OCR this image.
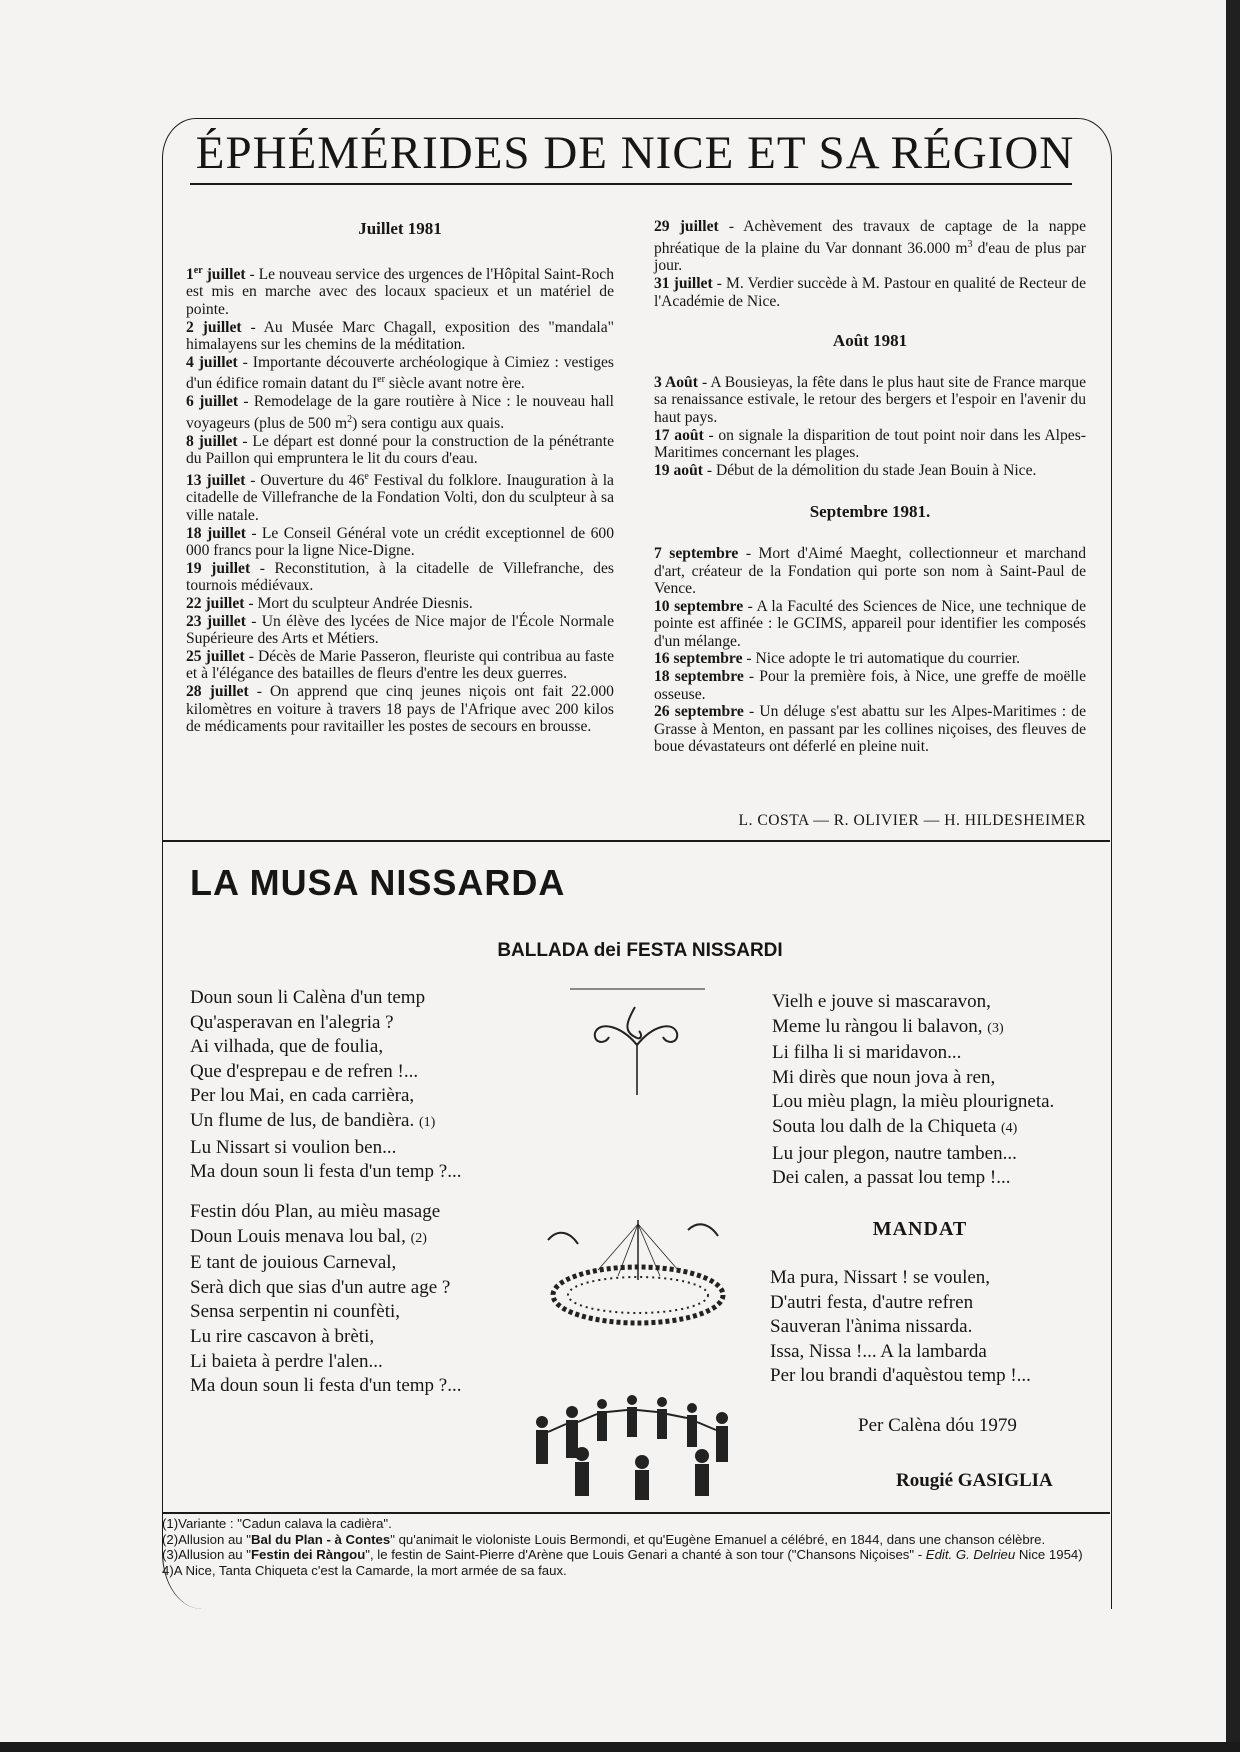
ÉPHÉMÉRIDES DE NICE ET SA RÉGION

Juillet 1981

1er juillet - Le nouveau service des urgences de l'Hôpital Saint-Roch est mis en marche avec des locaux spacieux et un matériel de pointe.

2 juillet - Au Musée Marc Chagall, exposition des "mandala" himalayens sur les chemins de la méditation.

4 juillet - Importante découverte archéologique à Cimiez : vestiges d'un édifice romain datant du Ier siècle avant notre ère.

6 juillet - Remodelage de la gare routière à Nice : le nouveau hall voyageurs (plus de 500 $m^2$) sera contigu aux quais.

8 juillet - Le départ est donné pour la construction de la pénétrante du Paillon qui empruntera le lit du cours d'eau.

13 juillet - Ouverture du 46e Festival du folklore. Inauguration à la citadelle de Villefranche de la Fondation Volti, don du sculpteur à sa ville natale.

18 juillet - Le Conseil Général vote un crédit exceptionnel de 600 000 francs pour la ligne Nice-Digne.

19 juillet - Reconstitution, à la citadelle de Villefranche, des tournois médiévaux.

22 juillet - Mort du sculpteur Andrée Diesnis.

23 juillet - Un élève des lycées de Nice major de l'École Normale Supérieure des Arts et Métiers.

25 juillet - Décès de Marie Passeron, fleuriste qui contribua au faste et à l'élégance des batailles de fleurs d'entre les deux guerres.

28 juillet - On apprend que cinq jeunes niçois ont fait 22.000 kilomètres en voiture à travers 18 pays de l'Afrique avec 200 kilos de médicaments pour ravitailler les postes de secours en brousse.

29 juillet - Achèvement des travaux de captage de la nappe phréatique de la plaine du Var donnant 36.000 $m^3$ d'eau de plus par jour.

31 juillet - M. Verdier succède à M. Pastour en qualité de Recteur de l'Académie de Nice.

Août 1981

3 Août - A Bousieyas, la fête dans le plus haut site de France marque sa renaissance estivale, le retour des bergers et l'espoir en l'avenir du haut pays.

17 août - on signale la disparition de tout point noir dans les Alpes-Maritimes concernant les plages.

19 août - Début de la démolition du stade Jean Bouin à Nice.

Septembre 1981.

7 septembre - Mort d'Aimé Maeght, collectionneur et marchand d'art, créateur de la Fondation qui porte son nom à Saint-Paul de Vence.

10 septembre - A la Faculté des Sciences de Nice, une technique de pointe est affinée : le GCIMS, appareil pour identifier les composés d'un mélange.

16 septembre - Nice adopte le tri automatique du courrier.

18 septembre - Pour la première fois, à Nice, une greffe de moëlle osseuse.

26 septembre - Un déluge s'est abattu sur les Alpes-Maritimes : de Grasse à Menton, en passant par les collines niçoises, des fleuves de boue dévastateurs ont déferlé en pleine nuit.

L. COSTA — R. OLIVIER — H. HILDESHEIMER
LA MUSA NISSARDA
BALLADA dei FESTA NISSARDI
Doun soun li Calèna d'un temp
Qu'asperavan en l'alegria ?
Ai vilhada, que de foulia,
Que d'esprepau e de refren !...
Per lou Mai, en cada carrièra,
Un flume de lus, de bandièra. (1)
Lu Nissart si voulion ben...
Ma doun soun li festa d'un temp ?...
Festin dóu Plan, au mièu masage
Doun Louis menava lou bal, (2)
E tant de jouious Carneval,
Serà dich que sias d'un autre age ?
Sensa serpentin ni counfèti,
Lu rire cascavon à brèti,
Li baieta à perdre l'alen...
Ma doun soun li festa d'un temp ?...
Vielh e jouve si mascaravon,
Meme lu ràngou li balavon, (3)
Li filha li si maridavon...
Mi dirès que noun jova à ren,
Lou mièu plagn, la mièu plourigneta.
Souta lou dalh de la Chiqueta (4)
Lu jour plegon, nautre tamben...
Dei calen, a passat lou temp !...
MANDAT
Ma pura, Nissart ! se voulen,
D'autri festa, d'autre refren
Sauveran l'ànima nissarda.
Issa, Nissa !... A la lambarda
Per lou brandi d'aquèstou temp !...
Per Calèna dóu 1979
Rougié GASIGLIA

(1)Variante : "Cadun calava la cadièra".

(2)Allusion au "Bal du Plan - à Contes" qu'animait le violoniste Louis Bermondi, et qu'Eugène Emanuel a célébré, en 1844, dans une chanson célèbre.

(3)Allusion au "Festin dei Ràngou", le festin de Saint-Pierre d'Arène que Louis Genari a chanté à son tour ("Chansons Niçoises" - Edit. G. Delrieu Nice 1954)

4)A Nice, Tanta Chiqueta c'est la Camarde, la mort armée de sa faux.
